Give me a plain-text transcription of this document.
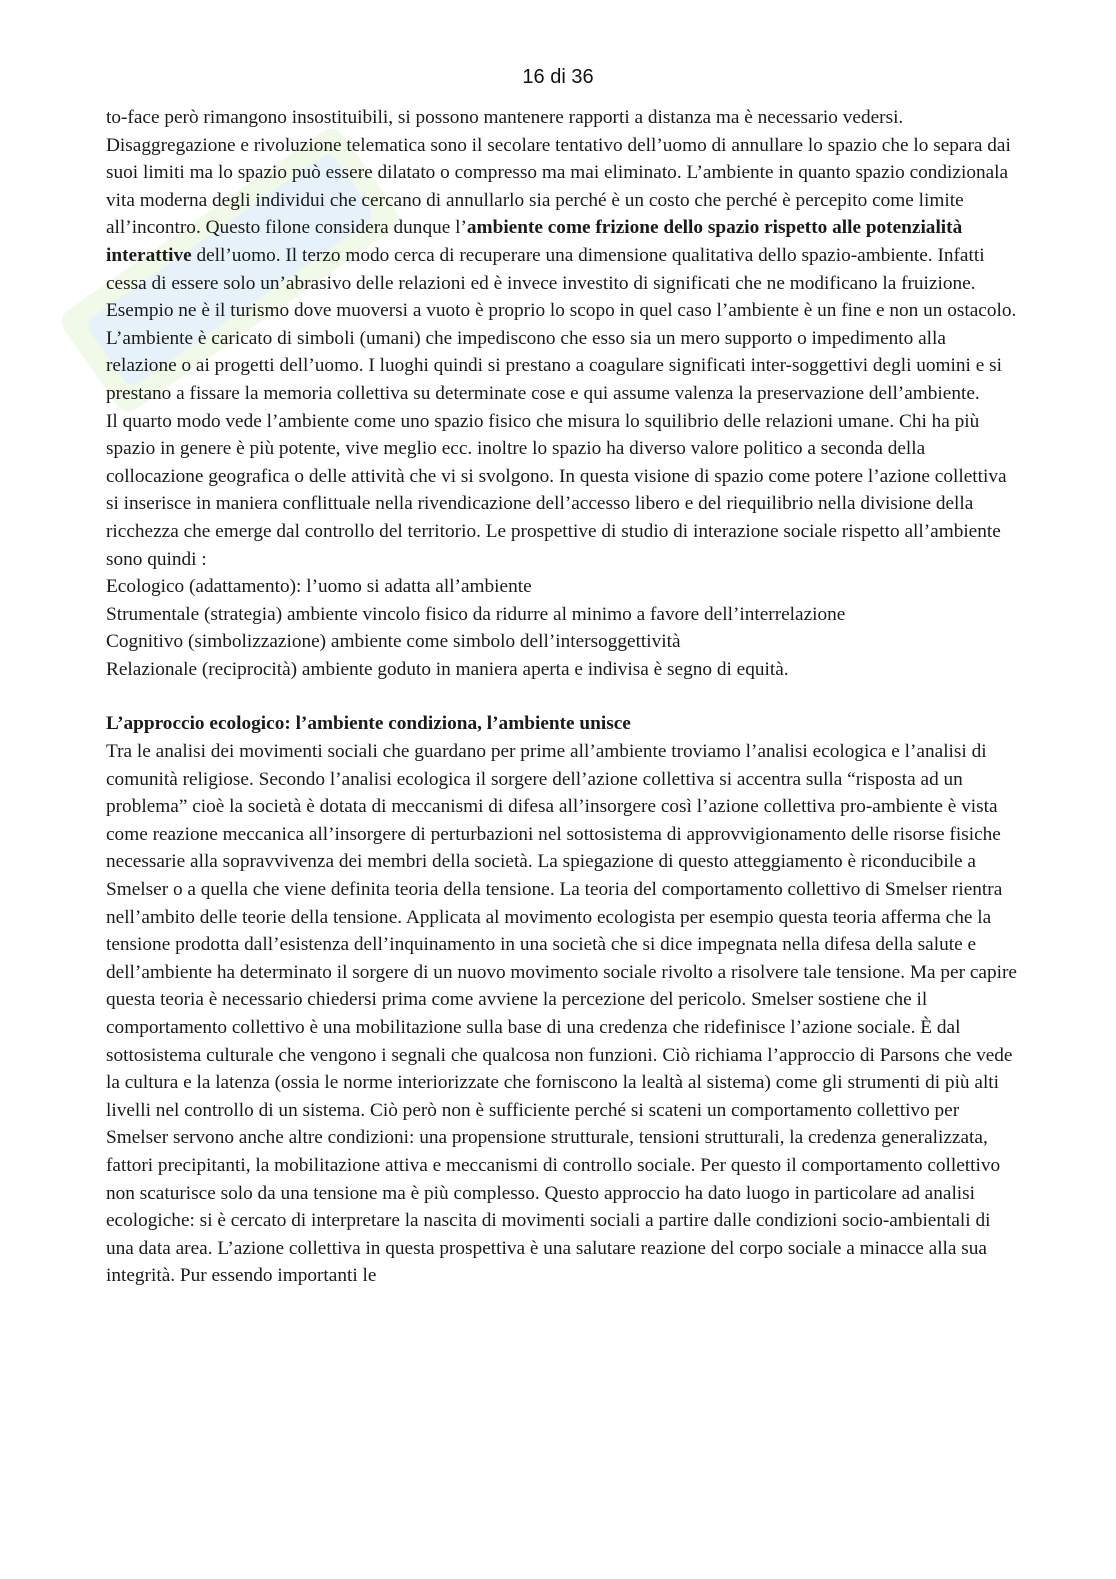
16 di 36

to-face però rimangono insostituibili, si possono mantenere rapporti a distanza ma è necessario vedersi. Disaggregazione e rivoluzione telematica sono il secolare tentativo dell’uomo di annullare lo spazio che lo separa dai suoi limiti ma lo spazio può essere dilatato o compresso ma mai eliminato. L’ambiente in quanto spazio condizionala vita moderna degli individui che cercano di annullarlo sia perché è un costo che perché è percepito come limite all’incontro. Questo filone considera dunque l’ambiente come frizione dello spazio rispetto alle potenzialità interattive dell’uomo. Il terzo modo cerca di recuperare una dimensione qualitativa dello spazio-ambiente. Infatti cessa di essere solo un’abrasivo delle relazioni ed è invece investito di significati che ne modificano la fruizione. Esempio ne è il turismo dove muoversi a vuoto è proprio lo scopo in quel caso l’ambiente è un fine e non un ostacolo. L’ambiente è caricato di simboli (umani) che impediscono che esso sia un mero supporto o impedimento alla relazione o ai progetti dell’uomo. I luoghi quindi si prestano a coagulare significati inter-soggettivi degli uomini e si prestano a fissare la memoria collettiva su determinate cose e qui assume valenza la preservazione dell’ambiente.

Il quarto modo vede l’ambiente come uno spazio fisico che misura lo squilibrio delle relazioni umane. Chi ha più spazio in genere è più potente, vive meglio ecc. inoltre lo spazio ha diverso valore politico a seconda della collocazione geografica o delle attività che vi si svolgono. In questa visione di spazio come potere l’azione collettiva si inserisce in maniera conflittuale nella rivendicazione dell’accesso libero e del riequilibrio nella divisione della ricchezza che emerge dal controllo del territorio. Le prospettive di studio di interazione sociale rispetto all’ambiente sono quindi :

Ecologico (adattamento): l’uomo si adatta all’ambiente

Strumentale (strategia) ambiente vincolo fisico da ridurre al minimo a favore dell’interrelazione

Cognitivo (simbolizzazione) ambiente come simbolo dell’intersoggettività

Relazionale (reciprocità) ambiente goduto in maniera aperta e indivisa è segno di equità.

L’approccio ecologico: l’ambiente condiziona, l’ambiente unisce

Tra le analisi dei movimenti sociali che guardano per prime all’ambiente troviamo l’analisi ecologica e l’analisi di comunità religiose. Secondo l’analisi ecologica il sorgere dell’azione collettiva si accentra sulla “risposta ad un problema” cioè la società è dotata di meccanismi di difesa all’insorgere così l’azione collettiva pro-ambiente è vista come reazione meccanica all’insorgere di perturbazioni nel sottosistema di approvvigionamento delle risorse fisiche necessarie alla sopravvivenza dei membri della società. La spiegazione di questo atteggiamento è riconducibile a Smelser o a quella che viene definita teoria della tensione. La teoria del comportamento collettivo di Smelser rientra nell’ambito delle teorie della tensione. Applicata al movimento ecologista per esempio questa teoria afferma che la tensione prodotta dall’esistenza dell’inquinamento in una società che si dice impegnata nella difesa della salute e dell’ambiente ha determinato il sorgere di un nuovo movimento sociale rivolto a risolvere tale tensione. Ma per capire questa teoria è necessario chiedersi prima come avviene la percezione del pericolo. Smelser sostiene che il comportamento collettivo è una mobilitazione sulla base di una credenza che ridefinisce l’azione sociale. È dal sottosistema culturale che vengono i segnali che qualcosa non funzioni. Ciò richiama l’approccio di Parsons che vede la cultura e la latenza (ossia le norme interiorizzate che forniscono la lealtà al sistema) come gli strumenti di più alti livelli nel controllo di un sistema. Ciò però non è sufficiente perché si scateni un comportamento collettivo per Smelser servono anche altre condizioni: una propensione strutturale, tensioni strutturali, la credenza generalizzata, fattori precipitanti, la mobilitazione attiva e meccanismi di controllo sociale. Per questo il comportamento collettivo non scaturisce solo da una tensione ma è più complesso. Questo approccio ha dato luogo in particolare ad analisi ecologiche: si è cercato di interpretare la nascita di movimenti sociali a partire dalle condizioni socio-ambientali di una data area. L’azione collettiva in questa prospettiva è una salutare reazione del corpo sociale a minacce alla sua integrità. Pur essendo importanti le
